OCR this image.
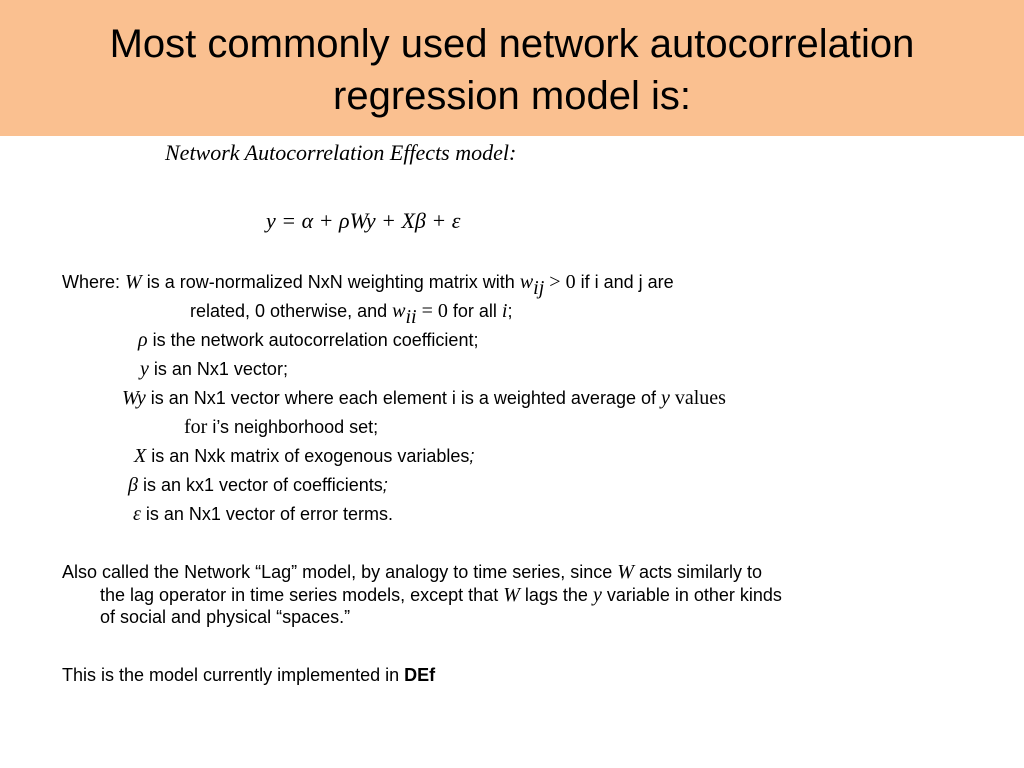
Most commonly used network autocorrelation
regression model is:
Network Autocorrelation Effects model:
y = α + ρWy + Xβ + ε
Where: W is a row-normalized NxN weighting matrix with $w_{ij} > 0$ if i and j are
related, 0 otherwise, and $w_{ii} = 0$ for all i;
ρ is the network autocorrelation coefficient;
y is an Nx1 vector;
Wy is an Nx1 vector where each element i is a weighted average of y values
for i’s neighborhood set;
X is an Nxk matrix of exogenous variables;
β is an kx1 vector of coefficients;
ε is an Nx1 vector of error terms.
Also called the Network “Lag” model, by analogy to time series, since W acts similarly to
the lag operator in time series models, except that W lags the y variable in other kinds
of social and physical “spaces.”
This is the model currently implemented in DEf
